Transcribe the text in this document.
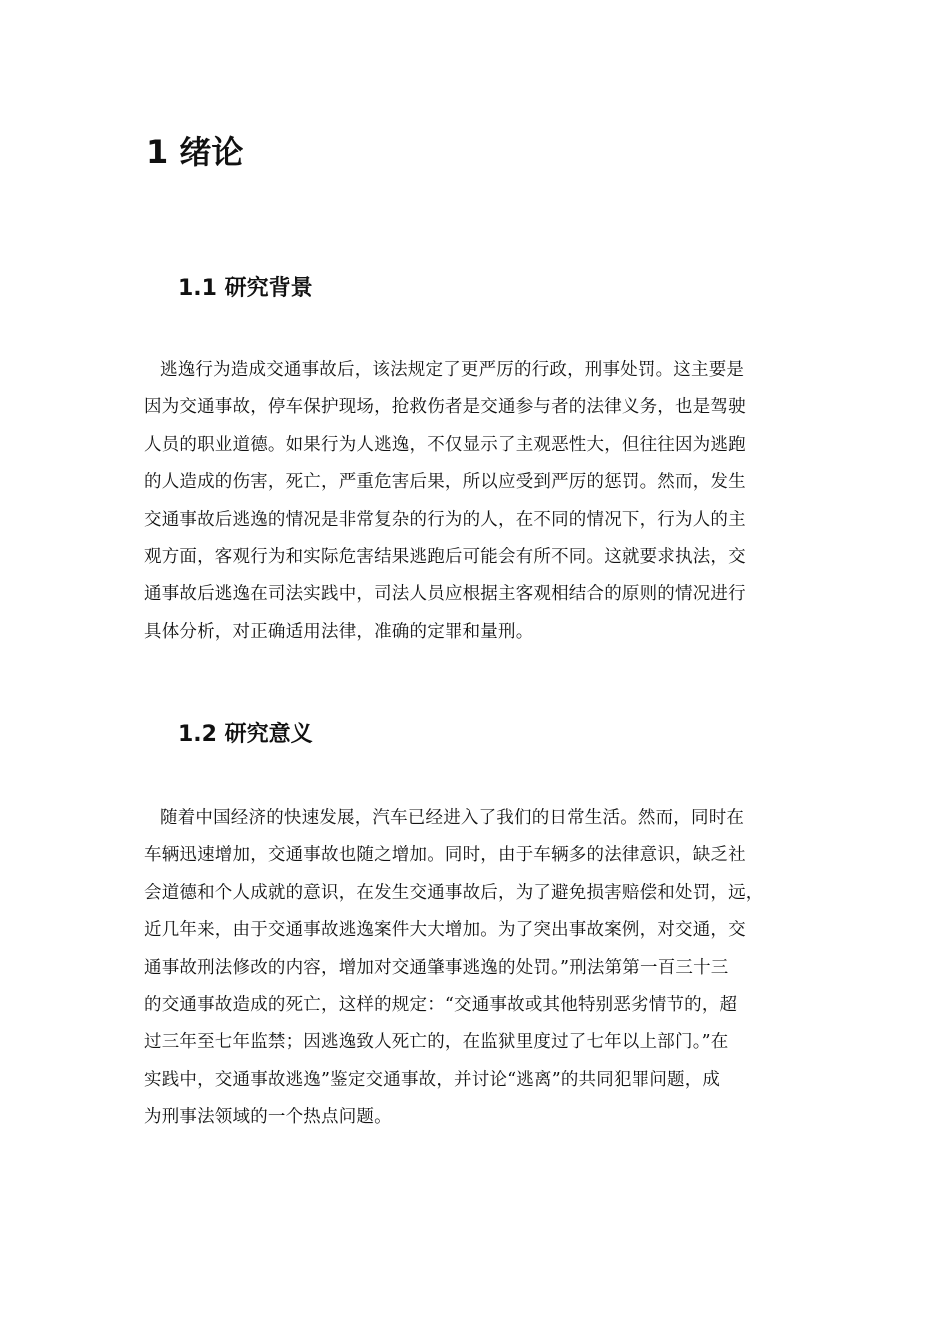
1 绪论
1.1 研究背景
逃逸行为造成交通事故后，该法规定了更严厉的行政，刑事处罚。这主要是
因为交通事故，停车保护现场，抢救伤者是交通参与者的法律义务，也是驾驶
人员的职业道德。如果行为人逃逸，不仅显示了主观恶性大，但往往因为逃跑
的人造成的伤害，死亡，严重危害后果，所以应受到严厉的惩罚。然而，发生
交通事故后逃逸的情况是非常复杂的行为的人，在不同的情况下，行为人的主
观方面，客观行为和实际危害结果逃跑后可能会有所不同。这就要求执法，交
通事故后逃逸在司法实践中，司法人员应根据主客观相结合的原则的情况进行
具体分析，对正确适用法律，准确的定罪和量刑。
1.2 研究意义
随着中国经济的快速发展，汽车已经进入了我们的日常生活。然而，同时在
车辆迅速增加，交通事故也随之增加。同时，由于车辆多的法律意识，缺乏社
会道德和个人成就的意识，在发生交通事故后，为了避免损害赔偿和处罚，远，
近几年来，由于交通事故逃逸案件大大增加。为了突出事故案例，对交通，交
通事故刑法修改的内容，增加对交通肇事逃逸的处罚。”刑法第第一百三十三
的交通事故造成的死亡，这样的规定：“交通事故或其他特别恶劣情节的，超
过三年至七年监禁；因逃逸致人死亡的，在监狱里度过了七年以上部门。”在
实践中，交通事故逃逸”鉴定交通事故，并讨论“逃离”的共同犯罪问题，成
为刑事法领域的一个热点问题。
